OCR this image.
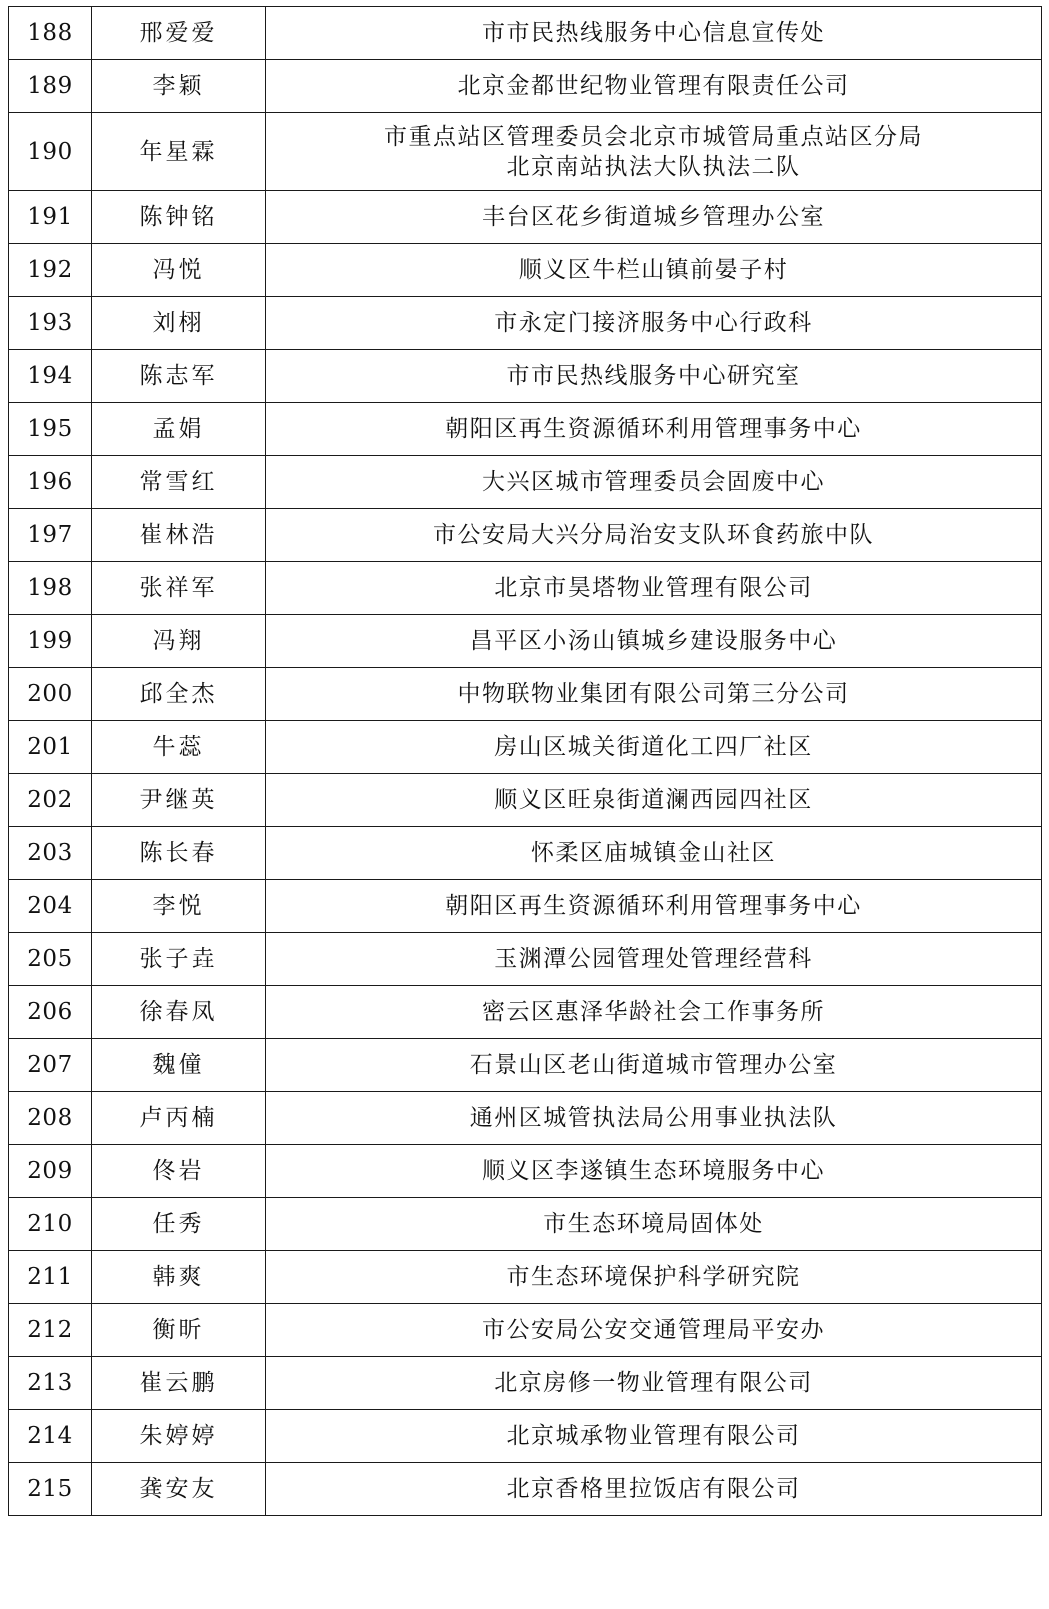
188	邢爱爱	市市民热线服务中心信息宣传处

189	李颖	北京金都世纪物业管理有限责任公司

190	年星霖	市重点站区管理委员会北京市城管局重点站区分局
北京南站执法大队执法二队

191	陈钟铭	丰台区花乡街道城乡管理办公室

192	冯悦	顺义区牛栏山镇前晏子村

193	刘栩	市永定门接济服务中心行政科

194	陈志军	市市民热线服务中心研究室

195	孟娟	朝阳区再生资源循环利用管理事务中心

196	常雪红	大兴区城市管理委员会固废中心

197	崔林浩	市公安局大兴分局治安支队环食药旅中队

198	张祥军	北京市昊塔物业管理有限公司

199	冯翔	昌平区小汤山镇城乡建设服务中心

200	邱全杰	中物联物业集团有限公司第三分公司

201	牛蕊	房山区城关街道化工四厂社区

202	尹继英	顺义区旺泉街道澜西园四社区

203	陈长春	怀柔区庙城镇金山社区

204	李悦	朝阳区再生资源循环利用管理事务中心

205	张子垚	玉渊潭公园管理处管理经营科

206	徐春凤	密云区惠泽华龄社会工作事务所

207	魏僮	石景山区老山街道城市管理办公室

208	卢丙楠	通州区城管执法局公用事业执法队

209	佟岩	顺义区李遂镇生态环境服务中心

210	任秀	市生态环境局固体处

211	韩爽	市生态环境保护科学研究院

212	衡昕	市公安局公安交通管理局平安办

213	崔云鹏	北京房修一物业管理有限公司

214	朱婷婷	北京城承物业管理有限公司

215	龚安友	北京香格里拉饭店有限公司
